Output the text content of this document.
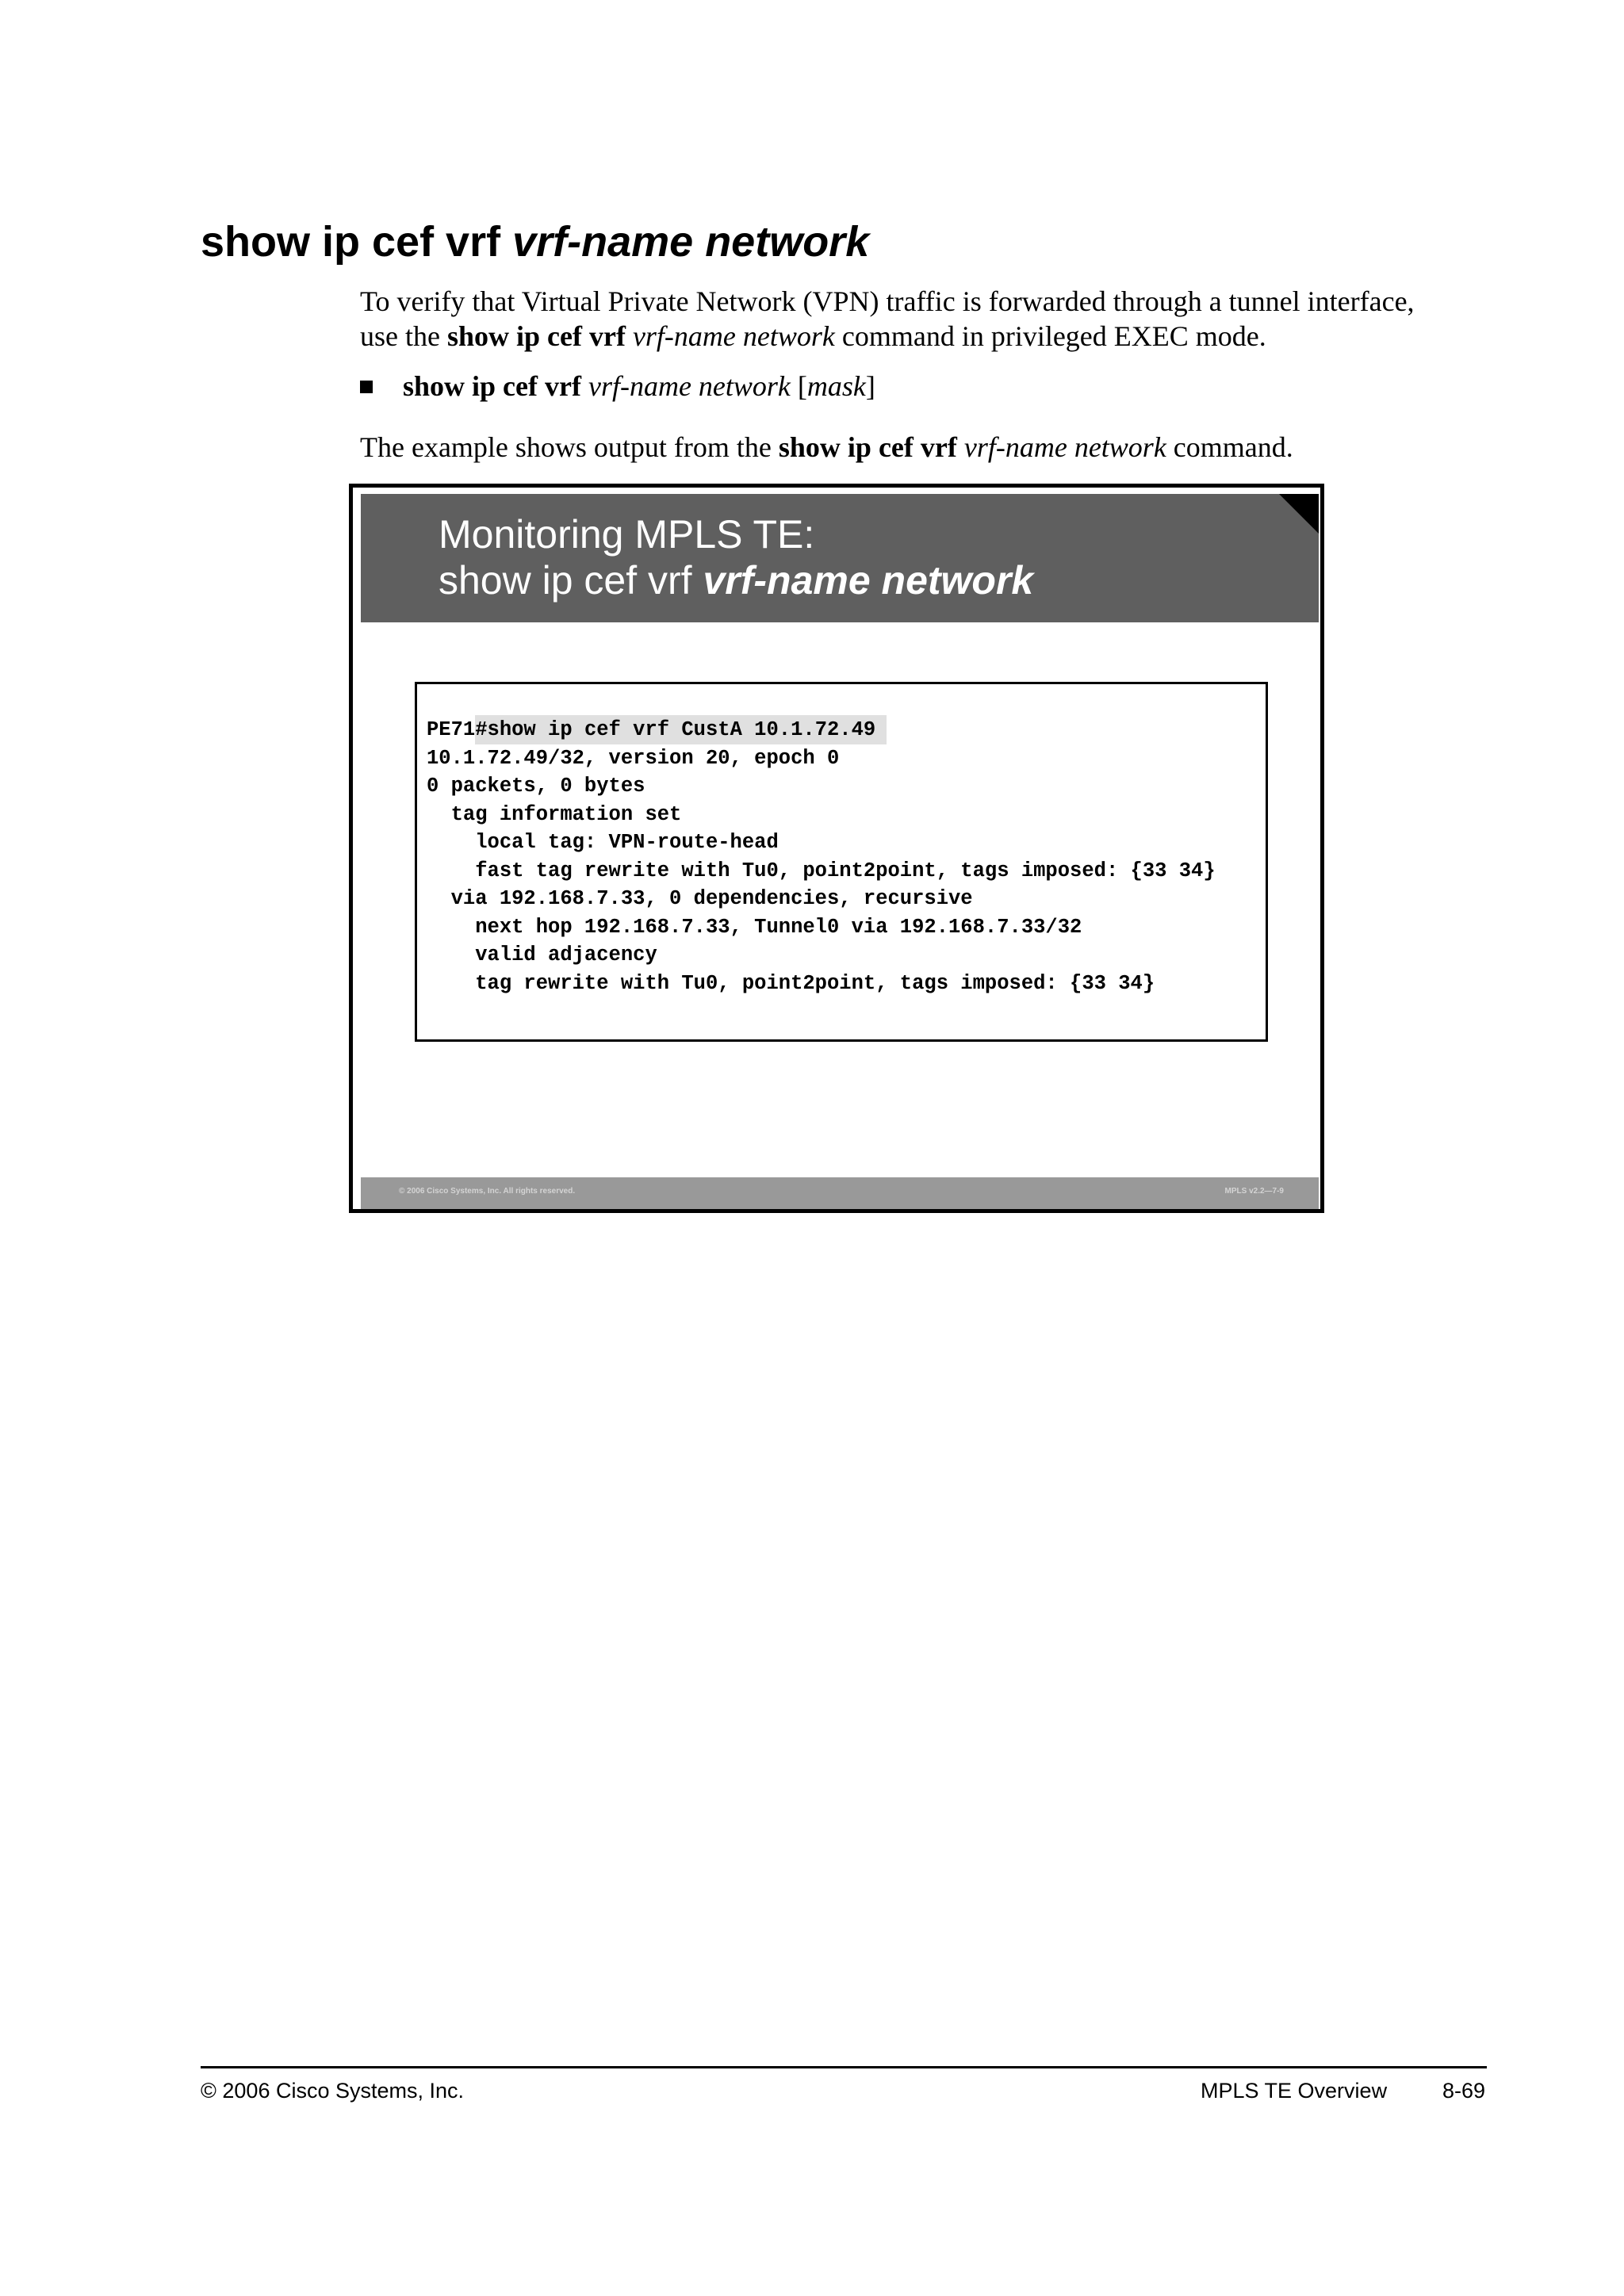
show ip cef vrf vrf-name network
To verify that Virtual Private Network (VPN) traffic is forwarded through a tunnel interface,
use the show ip cef vrf vrf-name network command in privileged EXEC mode.
show ip cef vrf vrf-name network [mask]
The example shows output from the show ip cef vrf vrf-name network command.
Monitoring MPLS TE:
show ip cef vrf vrf-name network
PE71#show ip cef vrf CustA 10.1.72.49
10.1.72.49/32, version 20, epoch 0
0 packets, 0 bytes
tag information set
local tag: VPN-route-head
fast tag rewrite with Tu0, point2point, tags imposed: {33 34}
via 192.168.7.33, 0 dependencies, recursive
next hop 192.168.7.33, Tunnel0 via 192.168.7.33/32
valid adjacency
tag rewrite with Tu0, point2point, tags imposed: {33 34}
© 2006 Cisco Systems, Inc. All rights reserved.	MPLS v2.2—7-9
© 2006 Cisco Systems, Inc.	MPLS TE Overview	8-69
